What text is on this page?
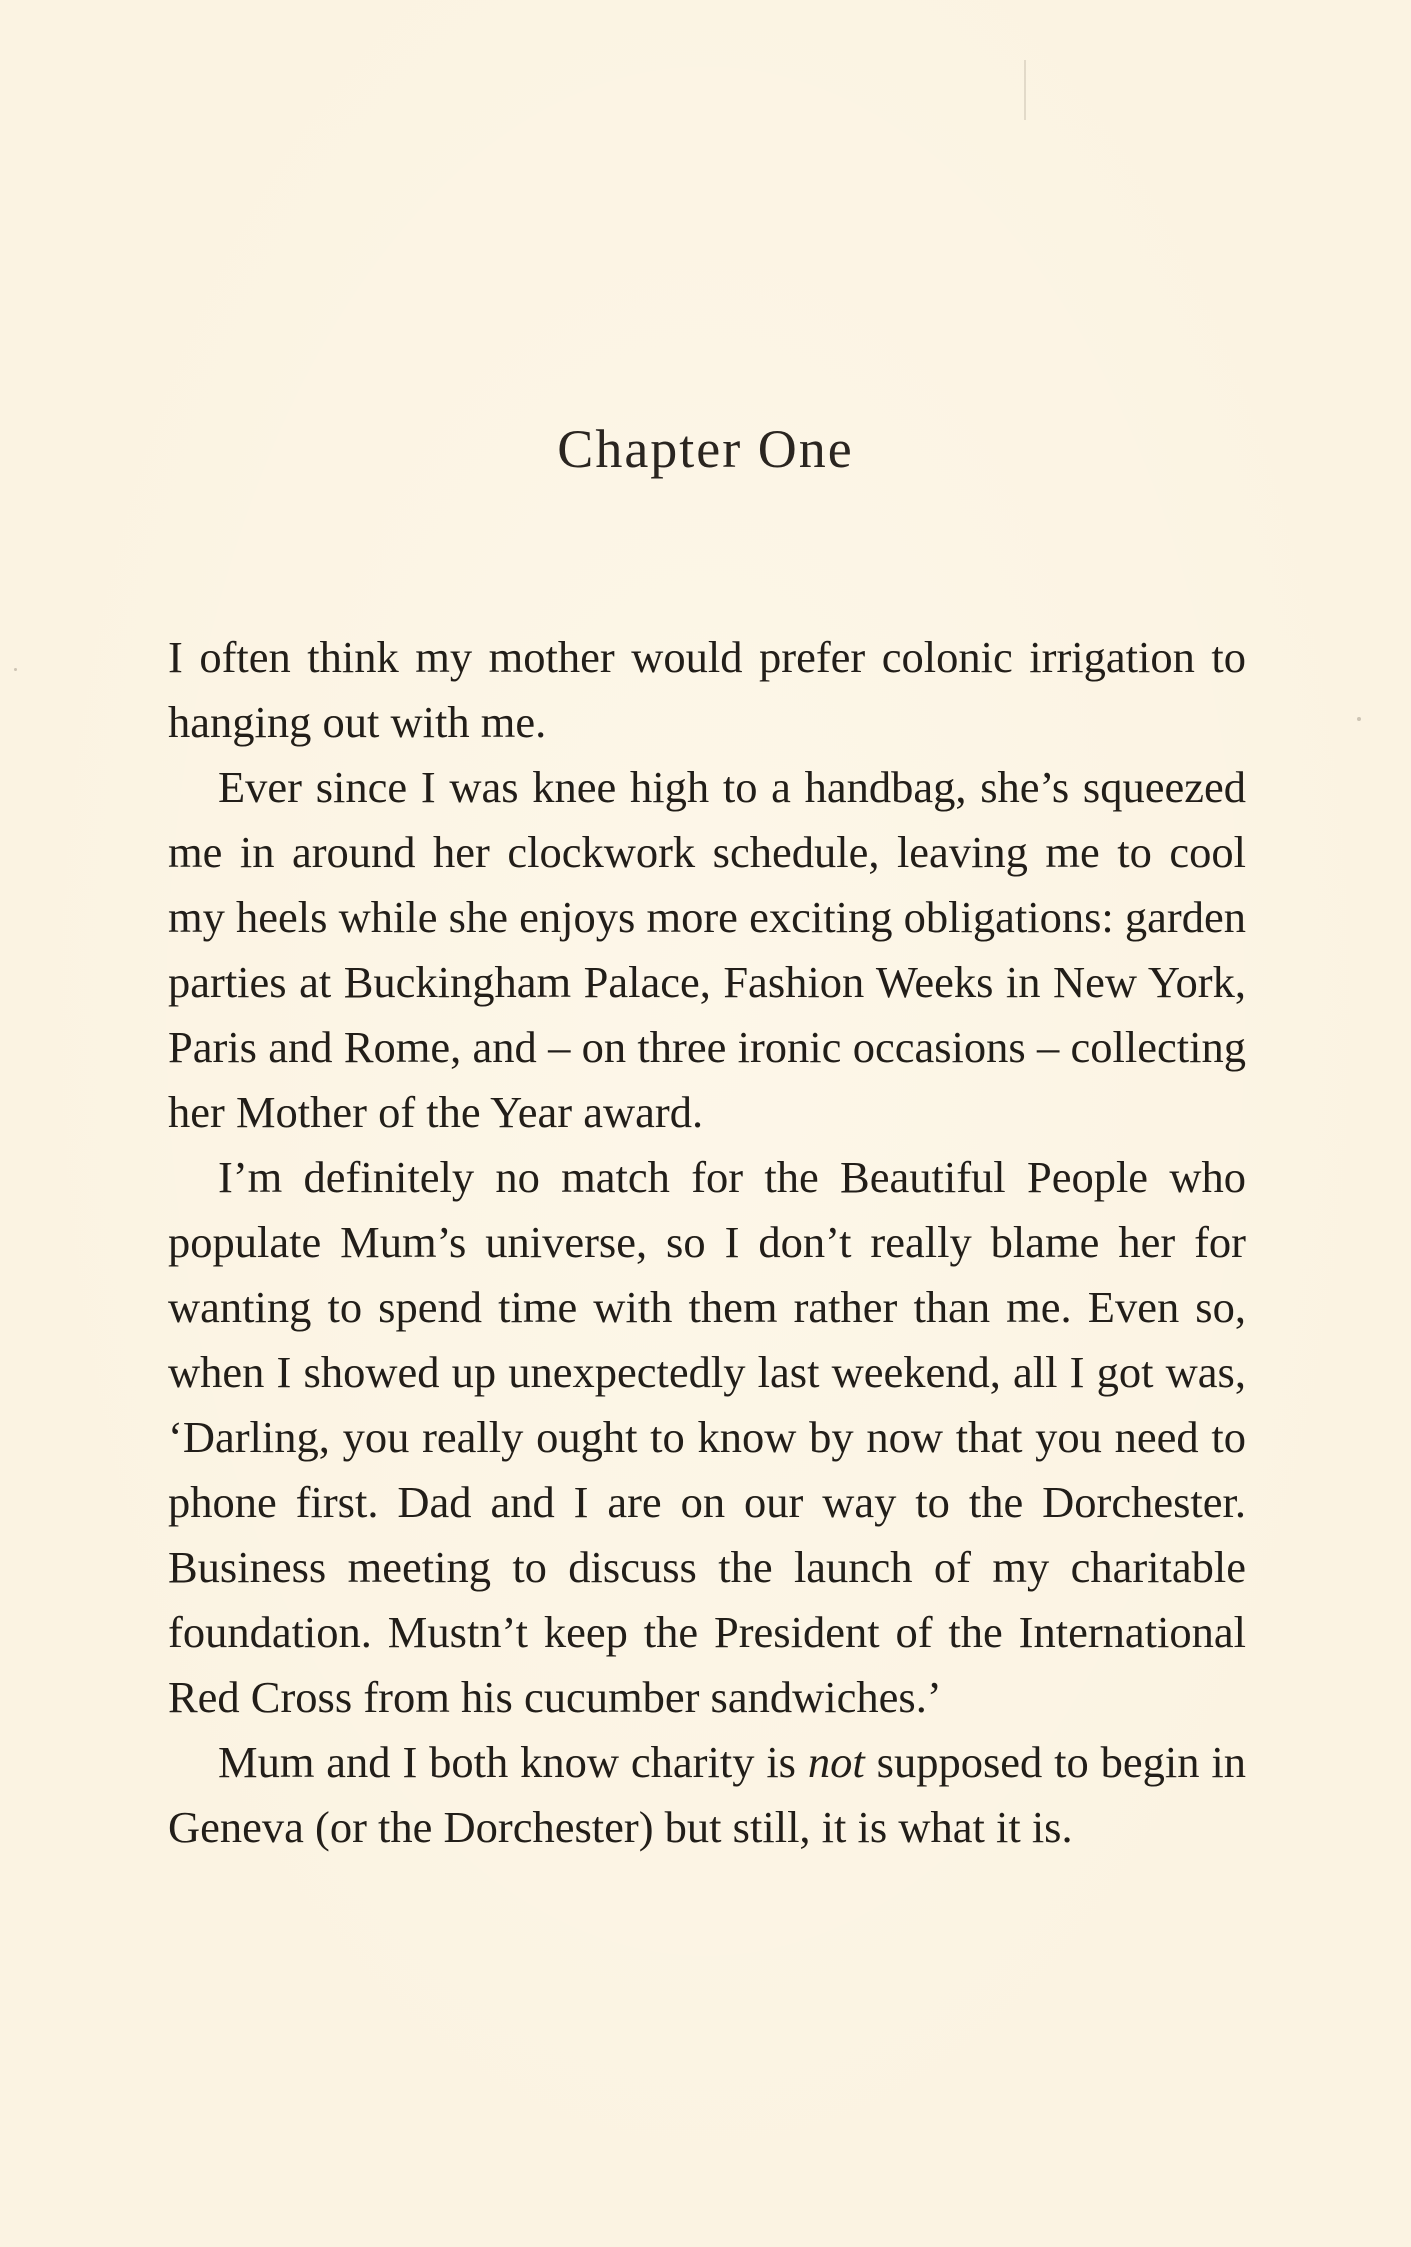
Chapter One

I often think my mother would prefer colonic irrigation to hanging out with me.

Ever since I was knee high to a handbag, she’s squeezed me in around her clockwork schedule, leaving me to cool my heels while she enjoys more exciting obligations: garden parties at Buckingham Palace, Fashion Weeks in New York, Paris and Rome, and – on three ironic occasions – collecting her Mother of the Year award.

I’m definitely no match for the Beautiful People who populate Mum’s universe, so I don’t really blame her for wanting to spend time with them rather than me. Even so, when I showed up unexpectedly last weekend, all I got was, ‘Darling, you really ought to know by now that you need to phone first. Dad and I are on our way to the Dorchester. Business meeting to discuss the launch of my charitable foundation. Mustn’t keep the President of the International Red Cross from his cucumber sandwiches.’

Mum and I both know charity is not supposed to begin in Geneva (or the Dorchester) but still, it is what it is.
